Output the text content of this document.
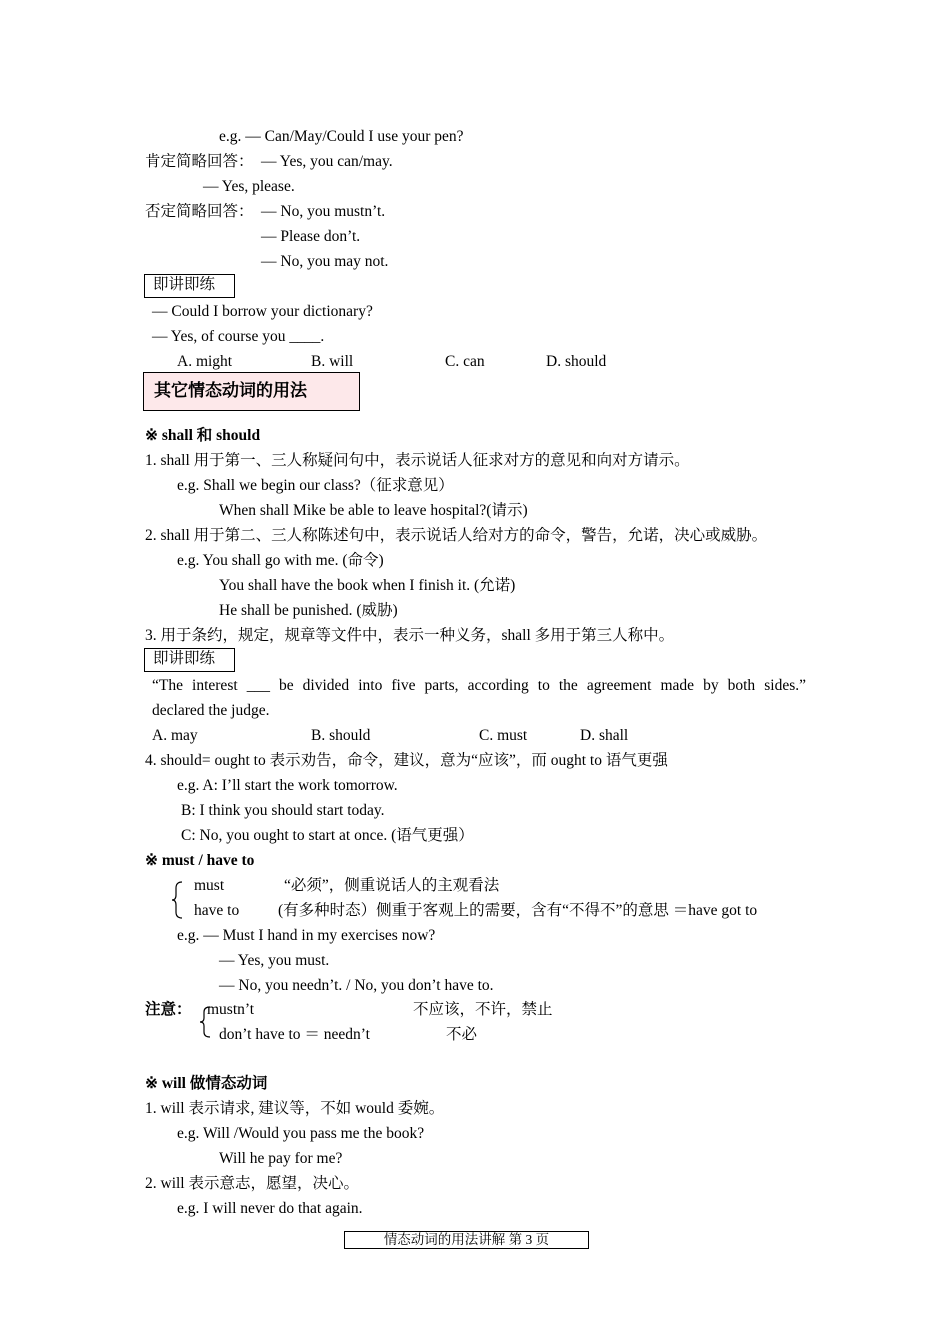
e.g. — Can/May/Could I use your pen?
肯定简略回答： — Yes, you can/may.
— Yes, please.
否定简略回答： — No, you mustn’t.
— Please don’t.
— No, you may not.
即讲即练
— Could I borrow your dictionary?
— Yes, of course you ____.
A. might	B. will	C. can	D. should
其它情态动词的用法
※ shall 和 should
1. shall 用于第一、三人称疑问句中，表示说话人征求对方的意见和向对方请示。
e.g. Shall we begin our class?（征求意见）
When shall Mike be able to leave hospital?(请示)
2. shall 用于第二、三人称陈述句中，表示说话人给对方的命令，警告，允诺，决心或威胁。
e.g. You shall go with me. (命令)
You shall have the book when I finish it. (允诺)
He shall be punished. (威胁)
3. 用于条约，规定，规章等文件中，表示一种义务，shall 多用于第三人称中。
即讲即练
“The interest ___ be divided into five parts, according to the agreement made by both sides.”
declared the judge.
A. may	B. should	C. must	D. shall
4. should= ought to 表示劝告，命令，建议，意为“应该”，而 ought to 语气更强
e.g. A: I’ll start the work tomorrow.
B: I think you should start today.
C: No, you ought to start at once. (语气更强）
※ must / have to
must	“必须”，侧重说话人的主观看法
have to	(有多种时态）侧重于客观上的需要，含有“不得不”的意思 ＝have got to
e.g. — Must I hand in my exercises now?
— Yes, you must.
— No, you needn’t. / No, you don’t have to.
注意： mustn’t	不应该，不许，禁止
don’t have to ＝ needn’t	不必
※ will 做情态动词
1. will 表示请求, 建议等，不如 would 委婉。
e.g. Will /Would you pass me the book?
Will he pay for me?
2. will 表示意志，愿望，决心。
e.g. I will never do that again.
情态动词的用法讲解 第 3 页
